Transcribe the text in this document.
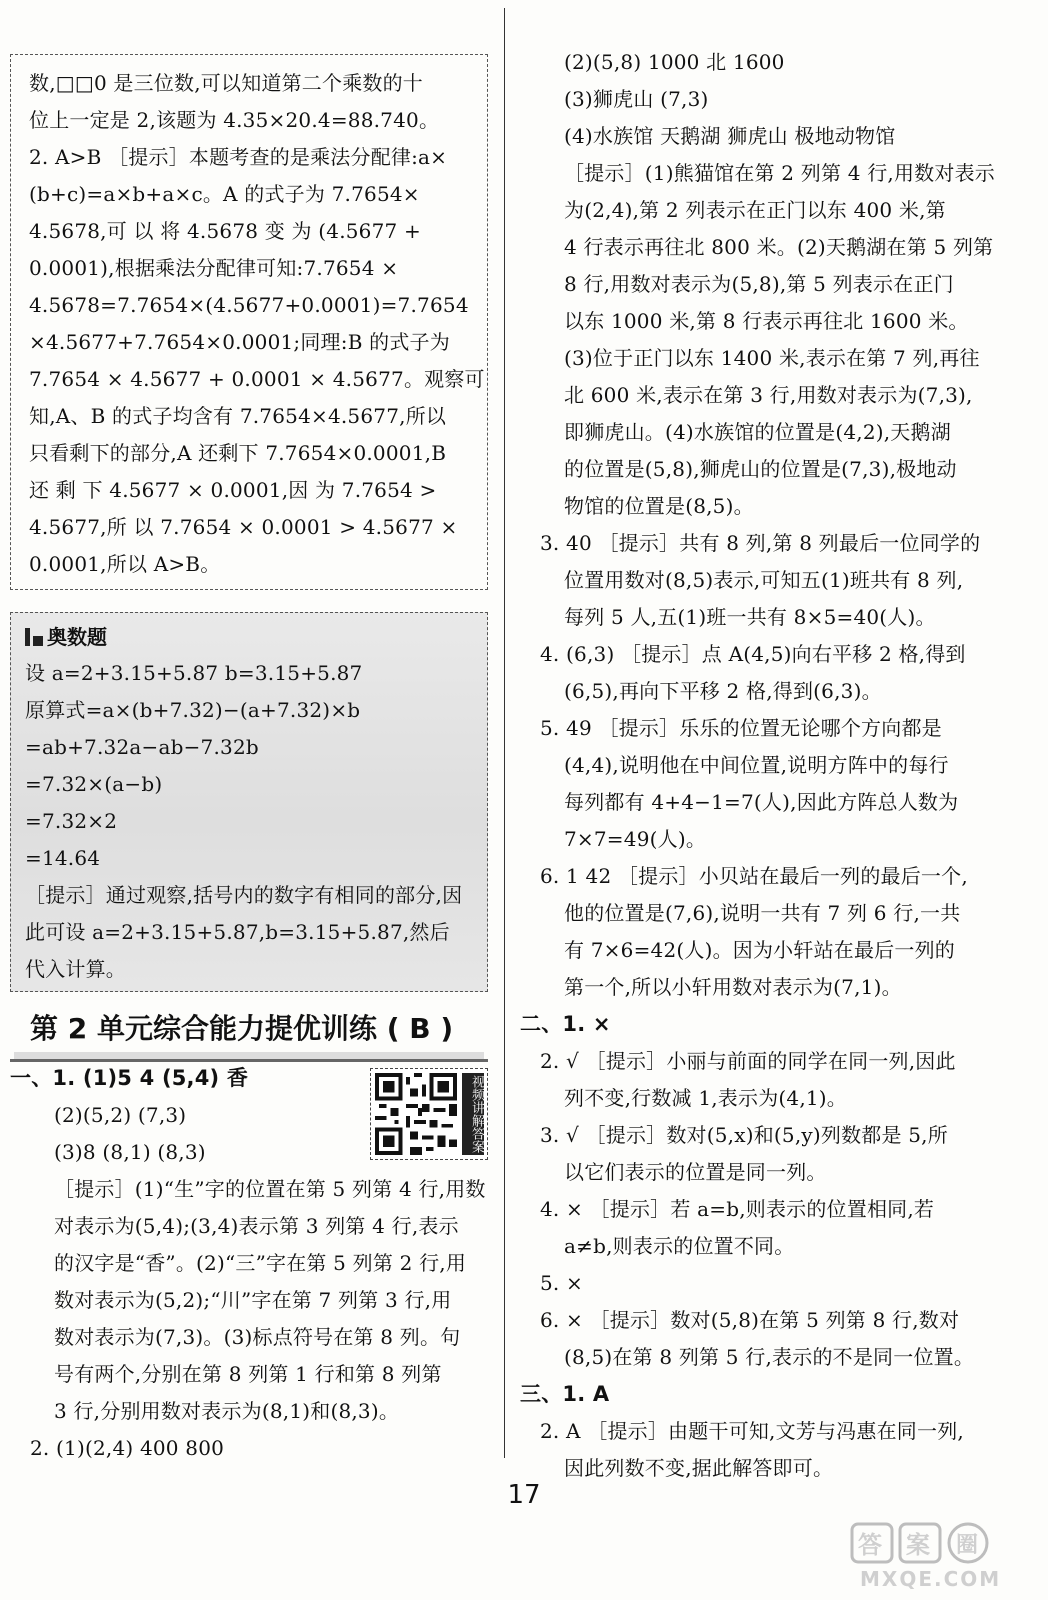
数,□□0 是三位数,可以知道第二个乘数的十
位上一定是 2,该题为 4.35×20.4=88.740。
2. A>B ［提示］本题考查的是乘法分配律:a×
(b+c)=a×b+a×c。A 的式子为 7.7654×
4.5678,可 以 将 4.5678 变 为 (4.5677 +
0.0001),根据乘法分配律可知:7.7654 ×
4.5678=7.7654×(4.5677+0.0001)=7.7654
×4.5677+7.7654×0.0001;同理:B 的式子为
7.7654 × 4.5677 + 0.0001 × 4.5677。观察可
知,A、B 的式子均含有 7.7654×4.5677,所以
只看剩下的部分,A 还剩下 7.7654×0.0001,B
还 剩 下 4.5677 × 0.0001,因 为 7.7654 >
4.5677,所 以 7.7654 × 0.0001 > 4.5677 ×
0.0001,所以 A>B。
奥数题
设 a=2+3.15+5.87 b=3.15+5.87
原算式=a×(b+7.32)−(a+7.32)×b
=ab+7.32a−ab−7.32b
=7.32×(a−b)
=7.32×2
=14.64
［提示］通过观察,括号内的数字有相同的部分,因
此可设 a=2+3.15+5.87,b=3.15+5.87,然后
代入计算。
第 2 单元综合能力提优训练 ( B )
视频讲解答案
一、1. (1)5 4 (5,4) 香
(2)(5,2) (7,3)
(3)8 (8,1) (8,3)
［提示］(1)“生”字的位置在第 5 列第 4 行,用数
对表示为(5,4);(3,4)表示第 3 列第 4 行,表示
的汉字是“香”。(2)“三”字在第 5 列第 2 行,用
数对表示为(5,2);“川”字在第 7 列第 3 行,用
数对表示为(7,3)。(3)标点符号在第 8 列。句
号有两个,分别在第 8 列第 1 行和第 8 列第
3 行,分别用数对表示为(8,1)和(8,3)。
2. (1)(2,4) 400 800
(2)(5,8) 1000 北 1600
(3)狮虎山 (7,3)
(4)水族馆 天鹅湖 狮虎山 极地动物馆
［提示］(1)熊猫馆在第 2 列第 4 行,用数对表示
为(2,4),第 2 列表示在正门以东 400 米,第
4 行表示再往北 800 米。(2)天鹅湖在第 5 列第
8 行,用数对表示为(5,8),第 5 列表示在正门
以东 1000 米,第 8 行表示再往北 1600 米。
(3)位于正门以东 1400 米,表示在第 7 列,再往
北 600 米,表示在第 3 行,用数对表示为(7,3),
即狮虎山。(4)水族馆的位置是(4,2),天鹅湖
的位置是(5,8),狮虎山的位置是(7,3),极地动
物馆的位置是(8,5)。
3. 40 ［提示］共有 8 列,第 8 列最后一位同学的
位置用数对(8,5)表示,可知五(1)班共有 8 列,
每列 5 人,五(1)班一共有 8×5=40(人)。
4. (6,3) ［提示］点 A(4,5)向右平移 2 格,得到
(6,5),再向下平移 2 格,得到(6,3)。
5. 49 ［提示］乐乐的位置无论哪个方向都是
(4,4),说明他在中间位置,说明方阵中的每行
每列都有 4+4−1=7(人),因此方阵总人数为
7×7=49(人)。
6. 1 42 ［提示］小贝站在最后一列的最后一个,
他的位置是(7,6),说明一共有 7 列 6 行,一共
有 7×6=42(人)。因为小轩站在最后一列的
第一个,所以小轩用数对表示为(7,1)。
二、1. ×
2. √ ［提示］小丽与前面的同学在同一列,因此
列不变,行数减 1,表示为(4,1)。
3. √ ［提示］数对(5,x)和(5,y)列数都是 5,所
以它们表示的位置是同一列。
4. × ［提示］若 a=b,则表示的位置相同,若
a≠b,则表示的位置不同。
5. ×
6. × ［提示］数对(5,8)在第 5 列第 8 行,数对
(8,5)在第 8 列第 5 行,表示的不是同一位置。
三、1. A
2. A ［提示］由题干可知,文芳与冯惠在同一列,
因此列数不变,据此解答即可。
17
答 案 圈
MXQE.COM
